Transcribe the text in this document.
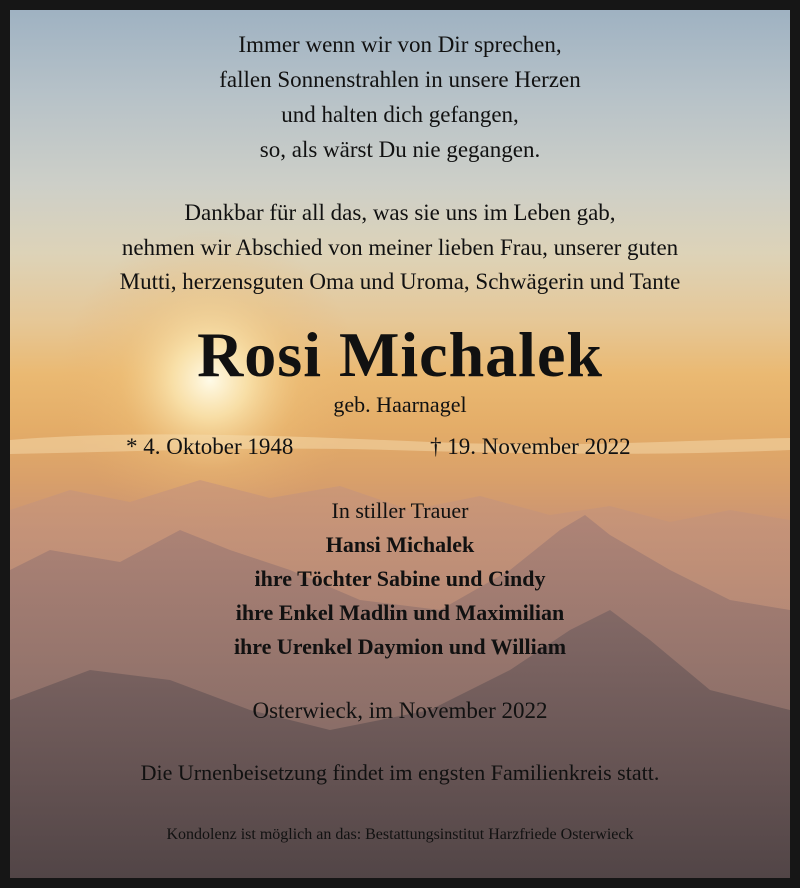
Immer wenn wir von Dir sprechen,
fallen Sonnenstrahlen in unsere Herzen
und halten dich gefangen,
so, als wärst Du nie gegangen.
Dankbar für all das, was sie uns im Leben gab,
nehmen wir Abschied von meiner lieben Frau, unserer guten
Mutti, herzensguten Oma und Uroma, Schwägerin und Tante
Rosi Michalek
geb. Haarnagel
* 4. Oktober 1948	† 19. November 2022
In stiller Trauer
Hansi Michalek
ihre Töchter Sabine und Cindy
ihre Enkel Madlin und Maximilian
ihre Urenkel Daymion und William
Osterwieck, im November 2022
Die Urnenbeisetzung findet im engsten Familienkreis statt.
Kondolenz ist möglich an das: Bestattungsinstitut Harzfriede Osterwieck
